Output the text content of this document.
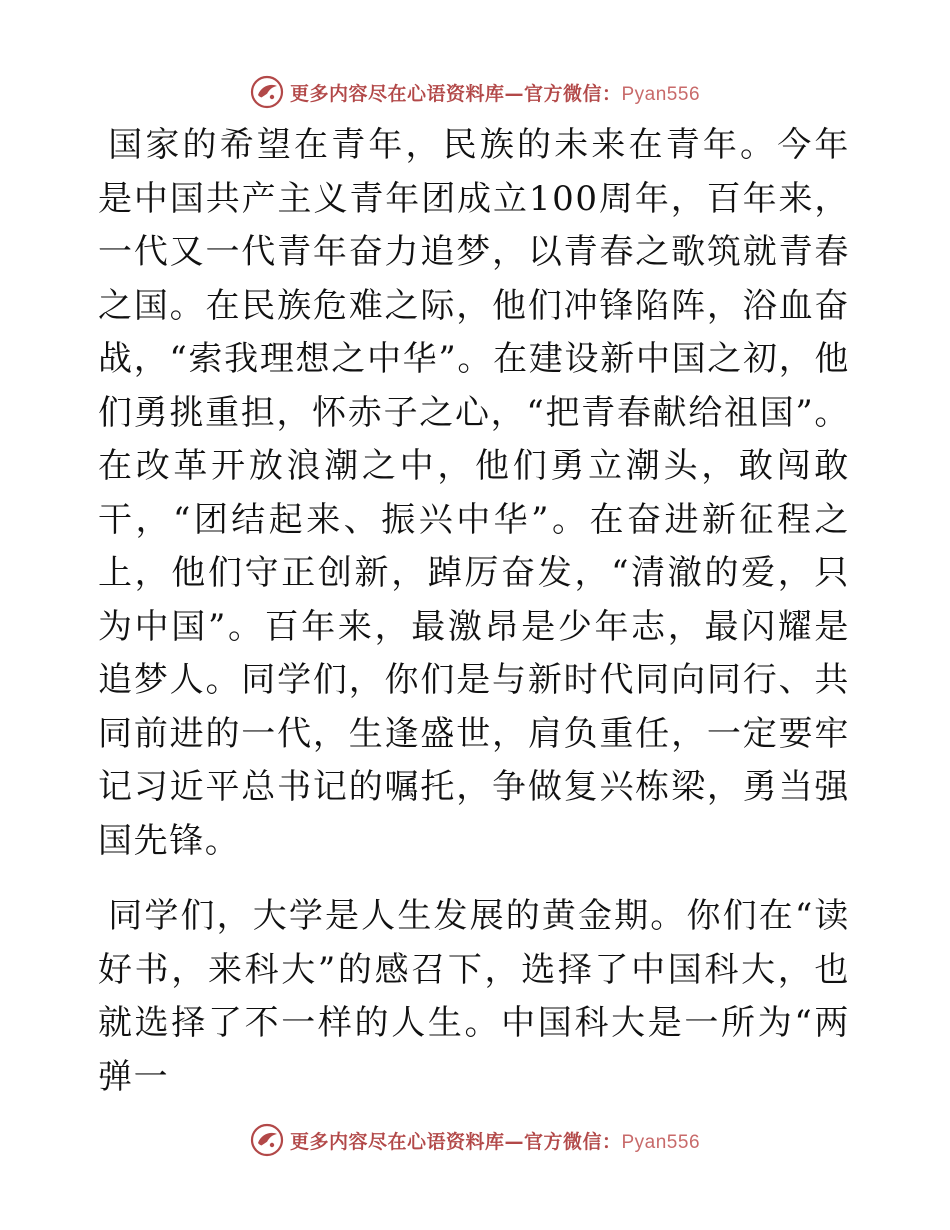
更多内容尽在心语资料库—官方微信：Pyan556

国家的希望在青年，民族的未来在青年。今年是中国共产主义青年团成立100周年，百年来，一代又一代青年奋力追梦，以青春之歌筑就青春之国。在民族危难之际，他们冲锋陷阵，浴血奋战，“索我理想之中华”。在建设新中国之初，他们勇挑重担，怀赤子之心，“把青春献给祖国”。在改革开放浪潮之中，他们勇立潮头，敢闯敢干，“团结起来、振兴中华”。在奋进新征程之上，他们守正创新，踔厉奋发，“清澈的爱，只为中国”。百年来，最激昂是少年志，最闪耀是追梦人。同学们，你们是与新时代同向同行、共同前进的一代，生逢盛世，肩负重任，一定要牢记习近平总书记的嘱托，争做复兴栋梁，勇当强国先锋。

同学们，大学是人生发展的黄金期。你们在“读好书，来科大”的感召下，选择了中国科大，也就选择了不一样的人生。中国科大是一所为“两弹一

更多内容尽在心语资料库—官方微信：Pyan556
